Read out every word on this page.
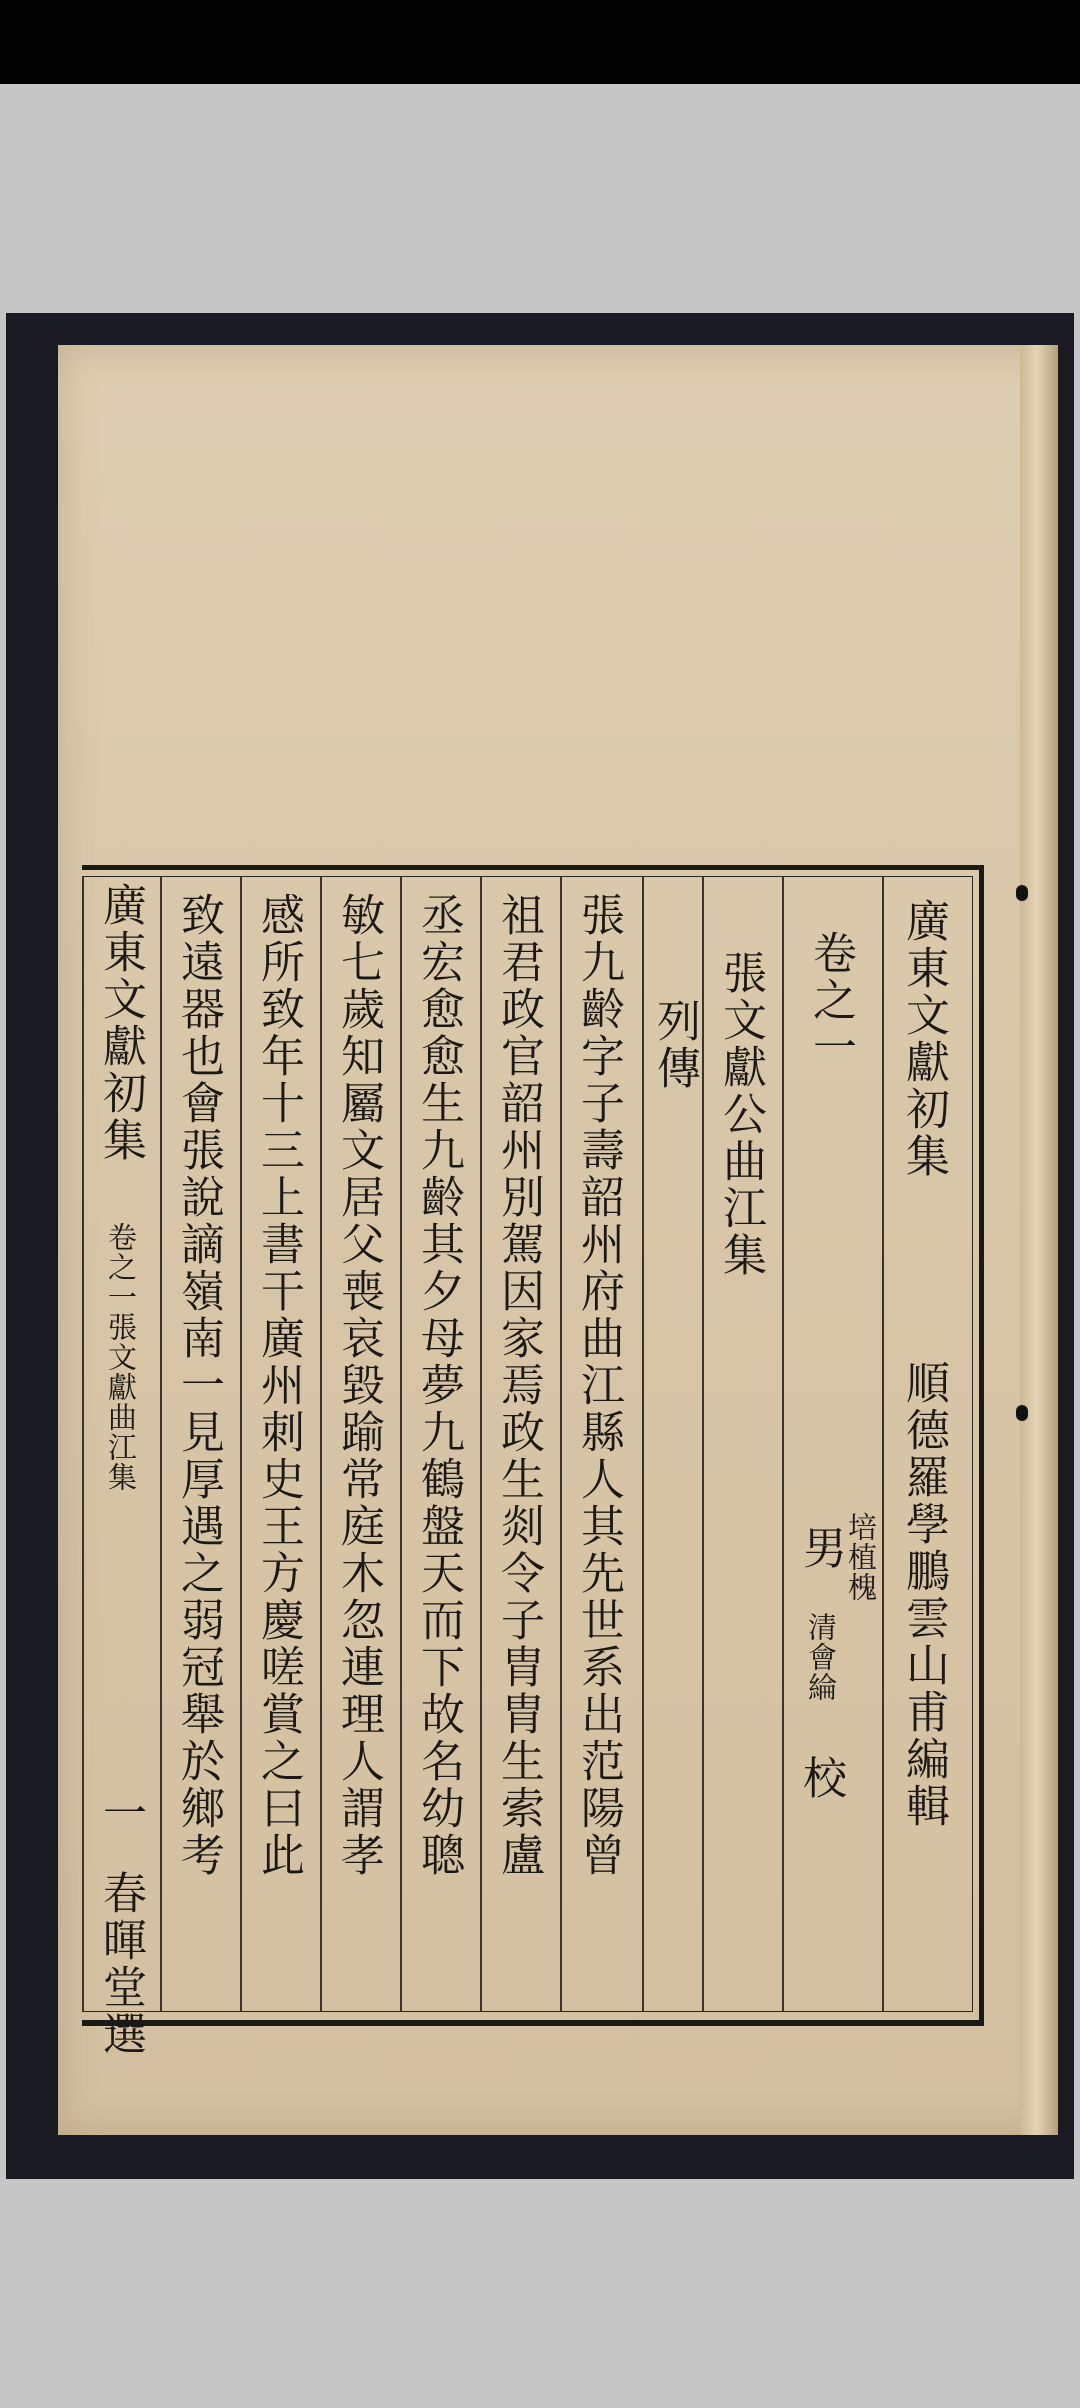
廣東文獻初集
順德羅學鵬雲山甫編輯
男
培植槐
清會綸
校
卷之一
張文獻公曲江集
列傳
張九齡字子壽韶州府曲江縣人其先世系出范陽曾
祖君政官韶州別駕因家焉政生剡令子胄胄生索盧
丞宏愈愈生九齡其夕母夢九鶴盤天而下故名幼聰
敏七歲知屬文居父喪哀毀踰常庭木忽連理人謂孝
感所致年十三上書干廣州刺史王方慶嗟賞之曰此
致遠器也會張說謫嶺南一見厚遇之弱冠舉於鄉考
廣東文獻初集
卷之一張文獻曲江集
一
春暉堂選
